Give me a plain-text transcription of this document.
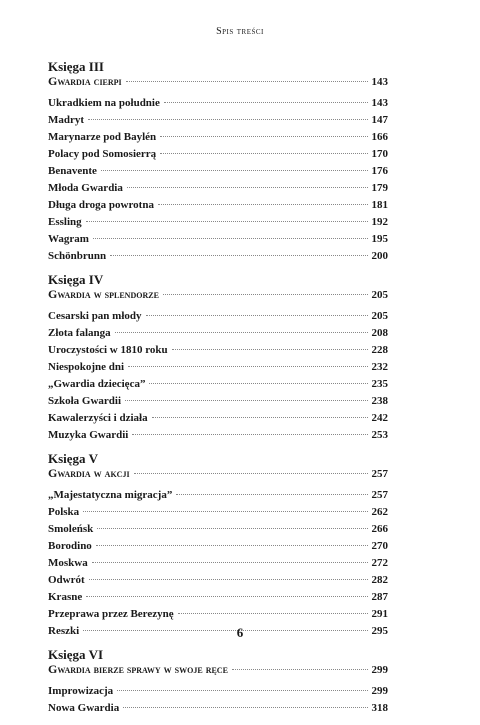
Spis treści
Księga III
Gwardia cierpi	143
Ukradkiem na południe	143
Madryt	147
Marynarze pod Baylén	166
Polacy pod Somosierrą	170
Benavente	176
Młoda Gwardia	179
Długa droga powrotna	181
Essling	192
Wagram	195
Schönbrunn	200
Księga IV
Gwardia w splendorze	205
Cesarski pan młody	205
Złota falanga	208
Uroczystości w 1810 roku	228
Niespokojne dni	232
„Gwardia dziecięca”	235
Szkoła Gwardii	238
Kawalerzyści i działa	242
Muzyka Gwardii	253
Księga V
Gwardia w akcji	257
„Majestatyczna migracja”	257
Polska	262
Smoleńsk	266
Borodino	270
Moskwa	272
Odwrót	282
Krasne	287
Przeprawa przez Berezynę	291
Reszki	295
Księga VI
Gwardia bierze sprawy w swoje ręce	299
Improwizacja	299
Nowa Gwardia	318
6
